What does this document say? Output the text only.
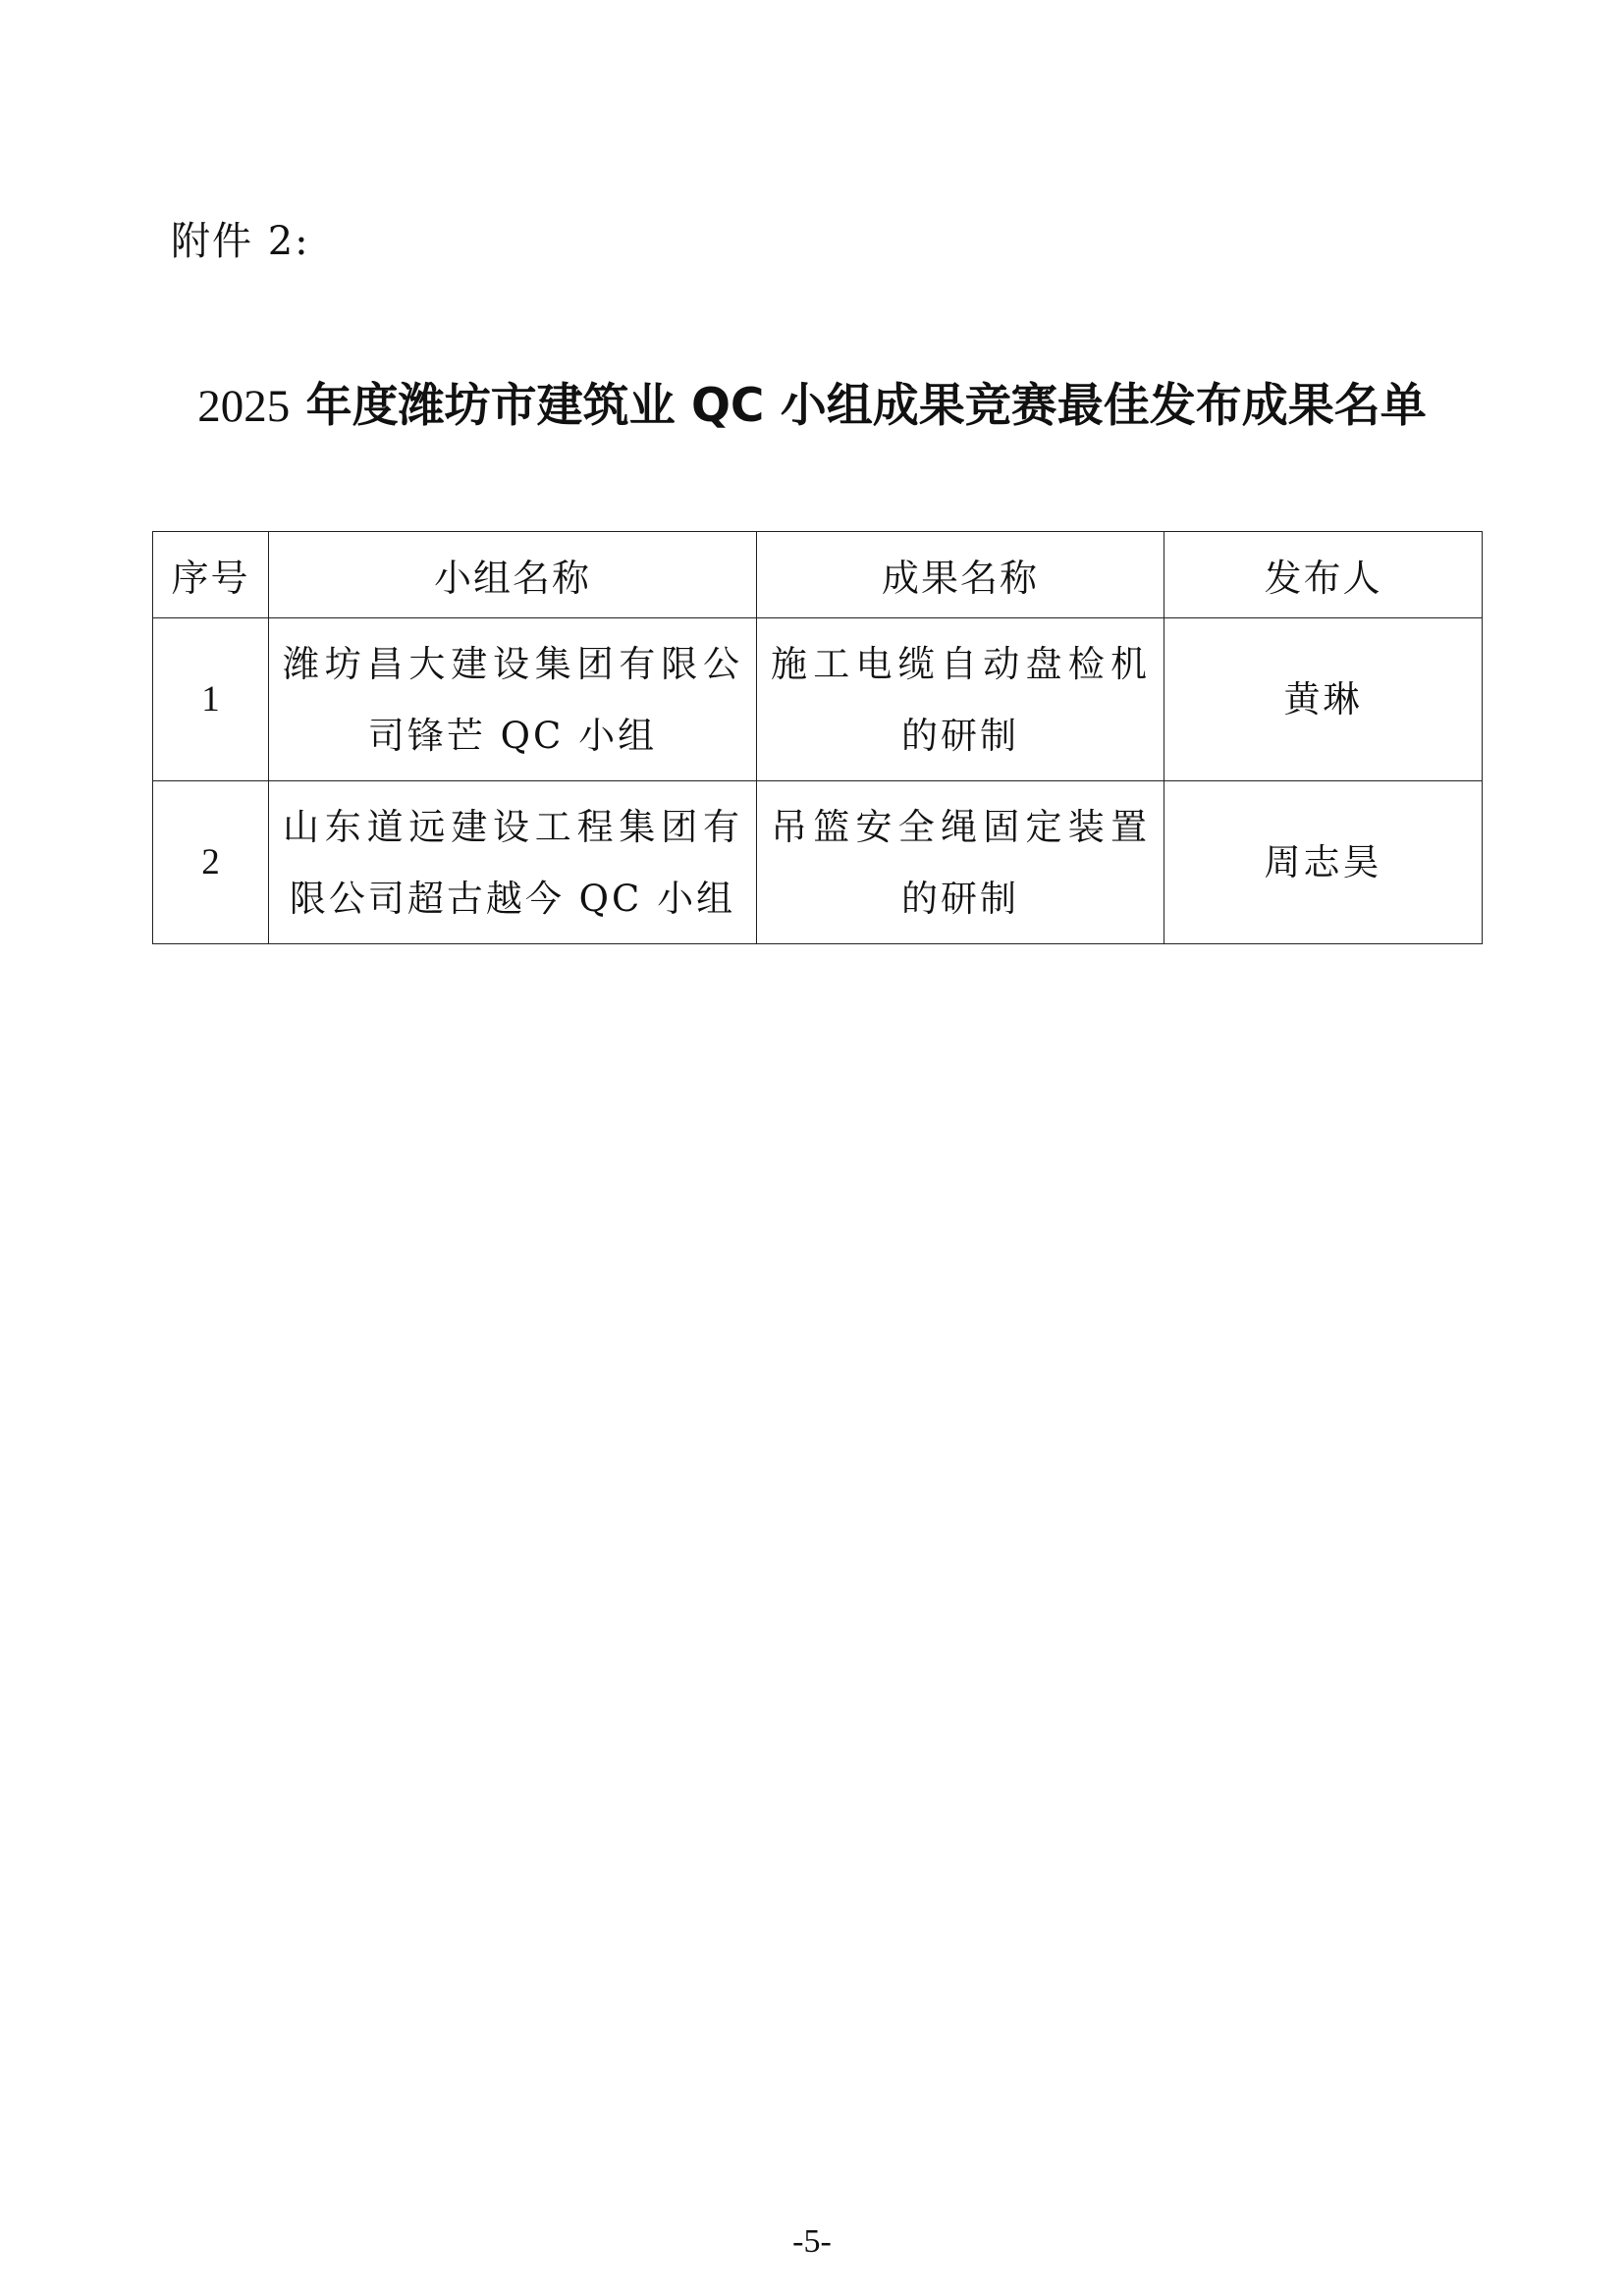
附件 2:
2025 年度潍坊市建筑业 QC 小组成果竞赛最佳发布成果名单
序号	小组名称	成果名称	发布人
1	潍坊昌大建设集团有限公司锋芒 QC 小组	施工电缆自动盘检机的研制	黄琳
2	山东道远建设工程集团有限公司超古越今 QC 小组	吊篮安全绳固定装置的研制	周志昊
-5-
